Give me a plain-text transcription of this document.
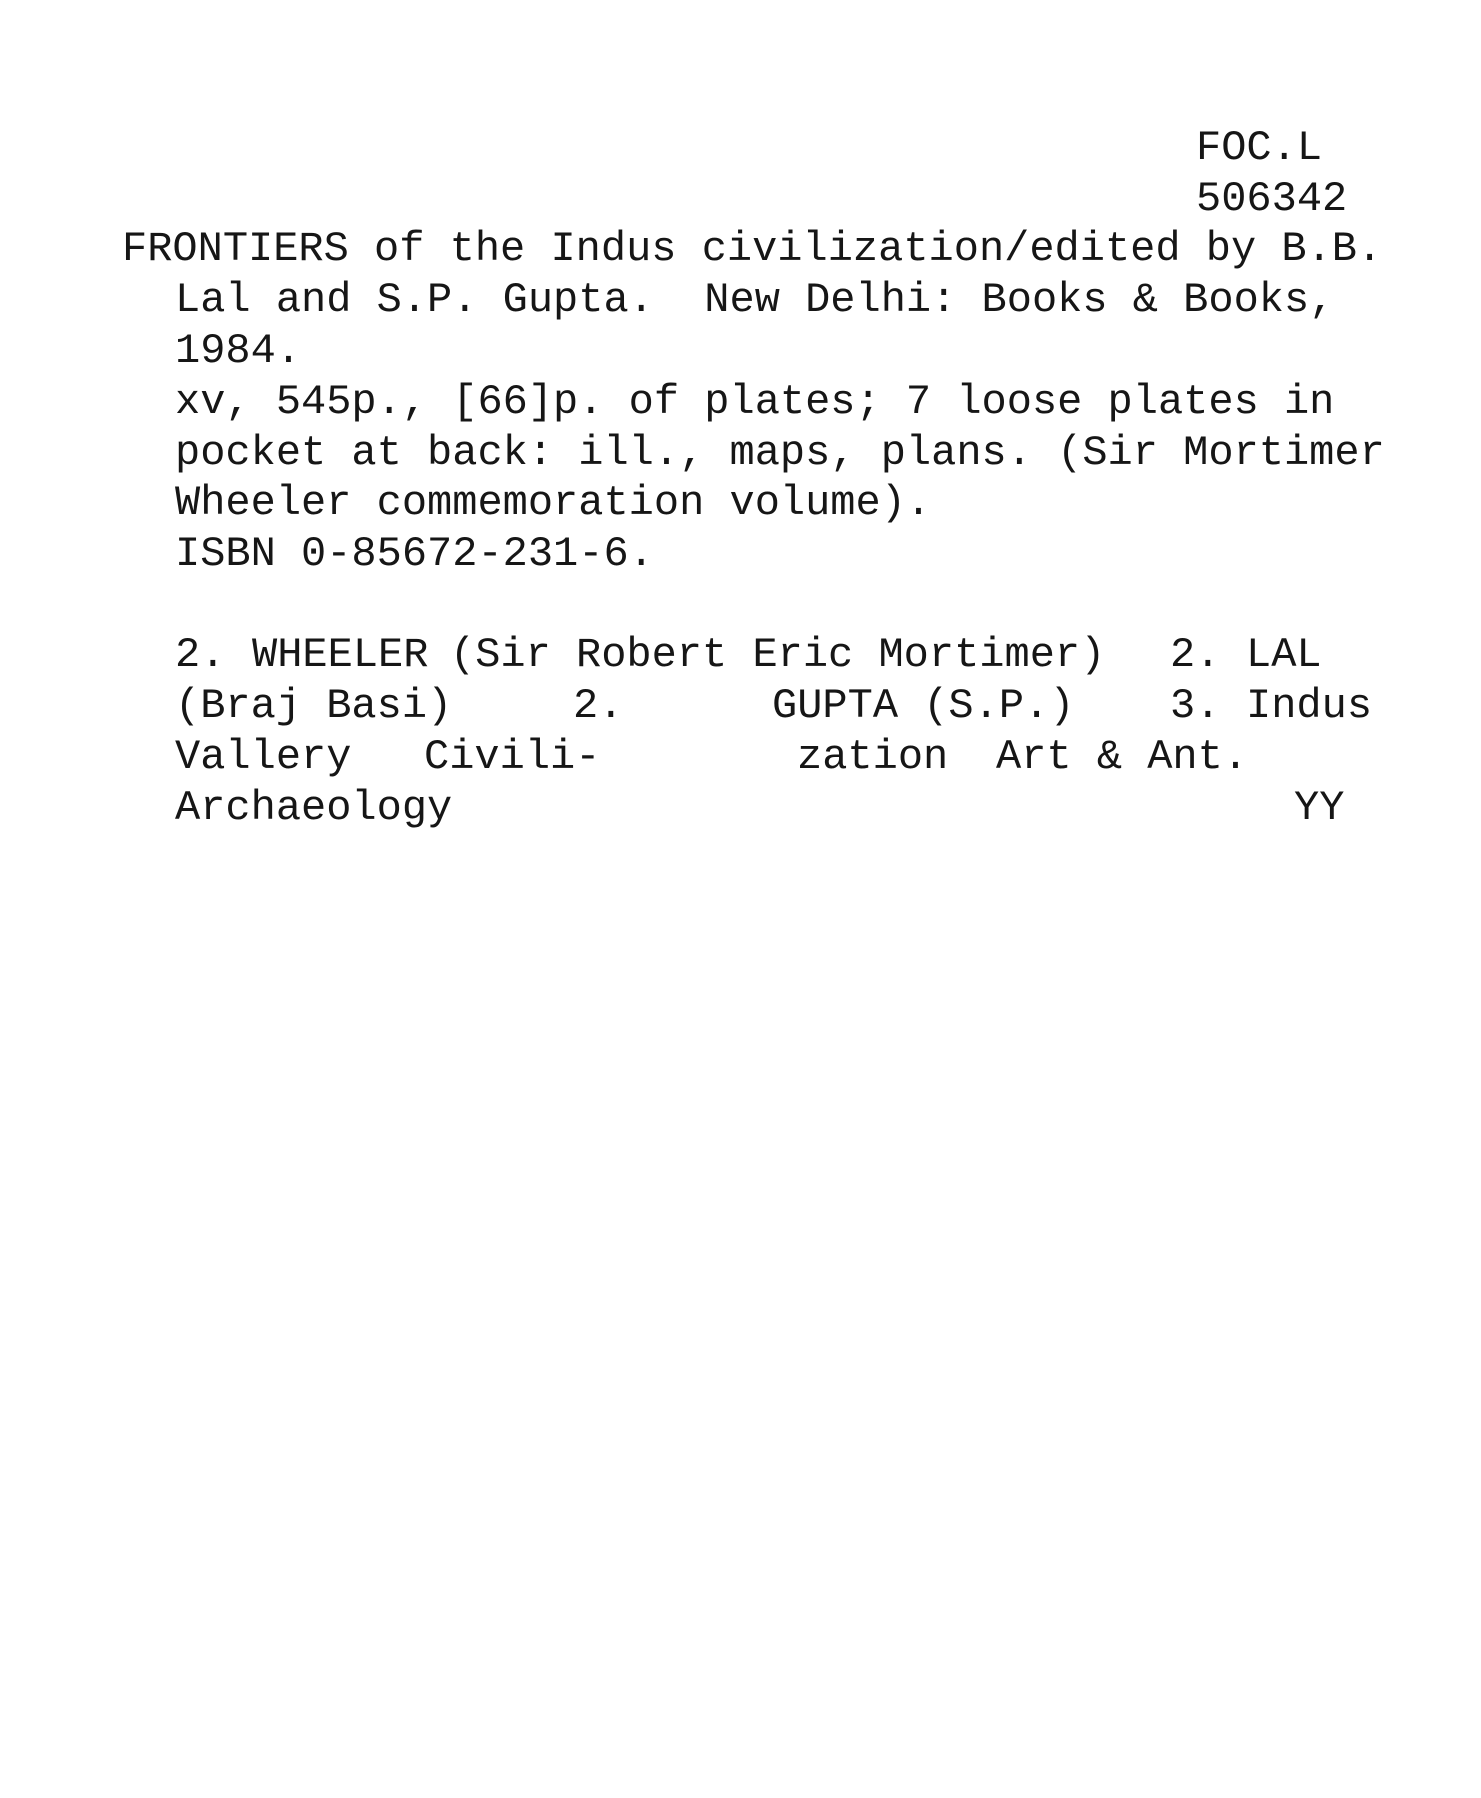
FOC.L

506342

FRONTIERS of the Indus civilization/edited by B.B.

Lal and S.P. Gupta.  New Delhi: Books & Books,

1984.

xv, 545p., [66]p. of plates; 7 loose plates in

pocket at back: ill., maps, plans. (Sir Mortimer

Wheeler commemoration volume).

ISBN 0-85672-231-6.

2.

WHEELER

(Sir Robert Eric Mortimer)

2.

LAL

(Braj Basi)

	2.

	GUPTA (S.P.)

3.

Indus

Vallery

Civili-

	zation

Art & Ant.

Archaeology

	YY
